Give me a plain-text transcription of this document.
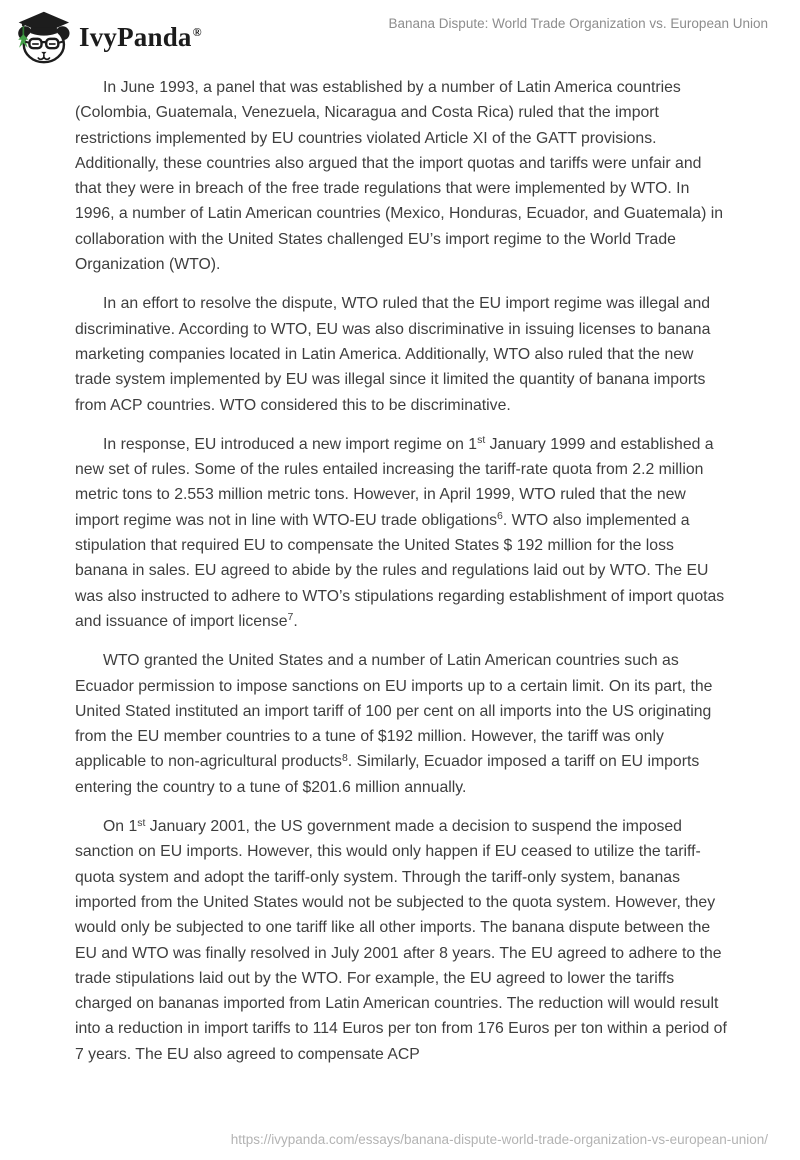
IvyPanda®
Banana Dispute: World Trade Organization vs. European Union

In June 1993, a panel that was established by a number of Latin America countries (Colombia, Guatemala, Venezuela, Nicaragua and Costa Rica) ruled that the import restrictions implemented by EU countries violated Article XI of the GATT provisions. Additionally, these countries also argued that the import quotas and tariffs were unfair and that they were in breach of the free trade regulations that were implemented by WTO. In 1996, a number of Latin American countries (Mexico, Honduras, Ecuador, and Guatemala) in collaboration with the United States challenged EU’s import regime to the World Trade Organization (WTO).

In an effort to resolve the dispute, WTO ruled that the EU import regime was illegal and discriminative. According to WTO, EU was also discriminative in issuing licenses to banana marketing companies located in Latin America. Additionally, WTO also ruled that the new trade system implemented by EU was illegal since it limited the quantity of banana imports from ACP countries. WTO considered this to be discriminative.

In response, EU introduced a new import regime on 1st January 1999 and established a new set of rules. Some of the rules entailed increasing the tariff-rate quota from 2.2 million metric tons to 2.553 million metric tons. However, in April 1999, WTO ruled that the new import regime was not in line with WTO-EU trade obligations$^6$. WTO also implemented a stipulation that required EU to compensate the United States $ 192 million for the loss banana in sales. EU agreed to abide by the rules and regulations laid out by WTO. The EU was also instructed to adhere to WTO’s stipulations regarding establishment of import quotas and issuance of import license$^7$.

WTO granted the United States and a number of Latin American countries such as Ecuador permission to impose sanctions on EU imports up to a certain limit. On its part, the United Stated instituted an import tariff of 100 per cent on all imports into the US originating from the EU member countries to a tune of $192 million. However, the tariff was only applicable to non-agricultural products$^8$. Similarly, Ecuador imposed a tariff on EU imports entering the country to a tune of $201.6 million annually.

On 1st January 2001, the US government made a decision to suspend the imposed sanction on EU imports. However, this would only happen if EU ceased to utilize the tariff-quota system and adopt the tariff-only system. Through the tariff-only system, bananas imported from the United States would not be subjected to the quota system. However, they would only be subjected to one tariff like all other imports. The banana dispute between the EU and WTO was finally resolved in July 2001 after 8 years. The EU agreed to adhere to the trade stipulations laid out by the WTO. For example, the EU agreed to lower the tariffs charged on bananas imported from Latin American countries. The reduction will would result into a reduction in import tariffs to 114 Euros per ton from 176 Euros per ton within a period of 7 years. The EU also agreed to compensate ACP

https://ivypanda.com/essays/banana-dispute-world-trade-organization-vs-european-union/
